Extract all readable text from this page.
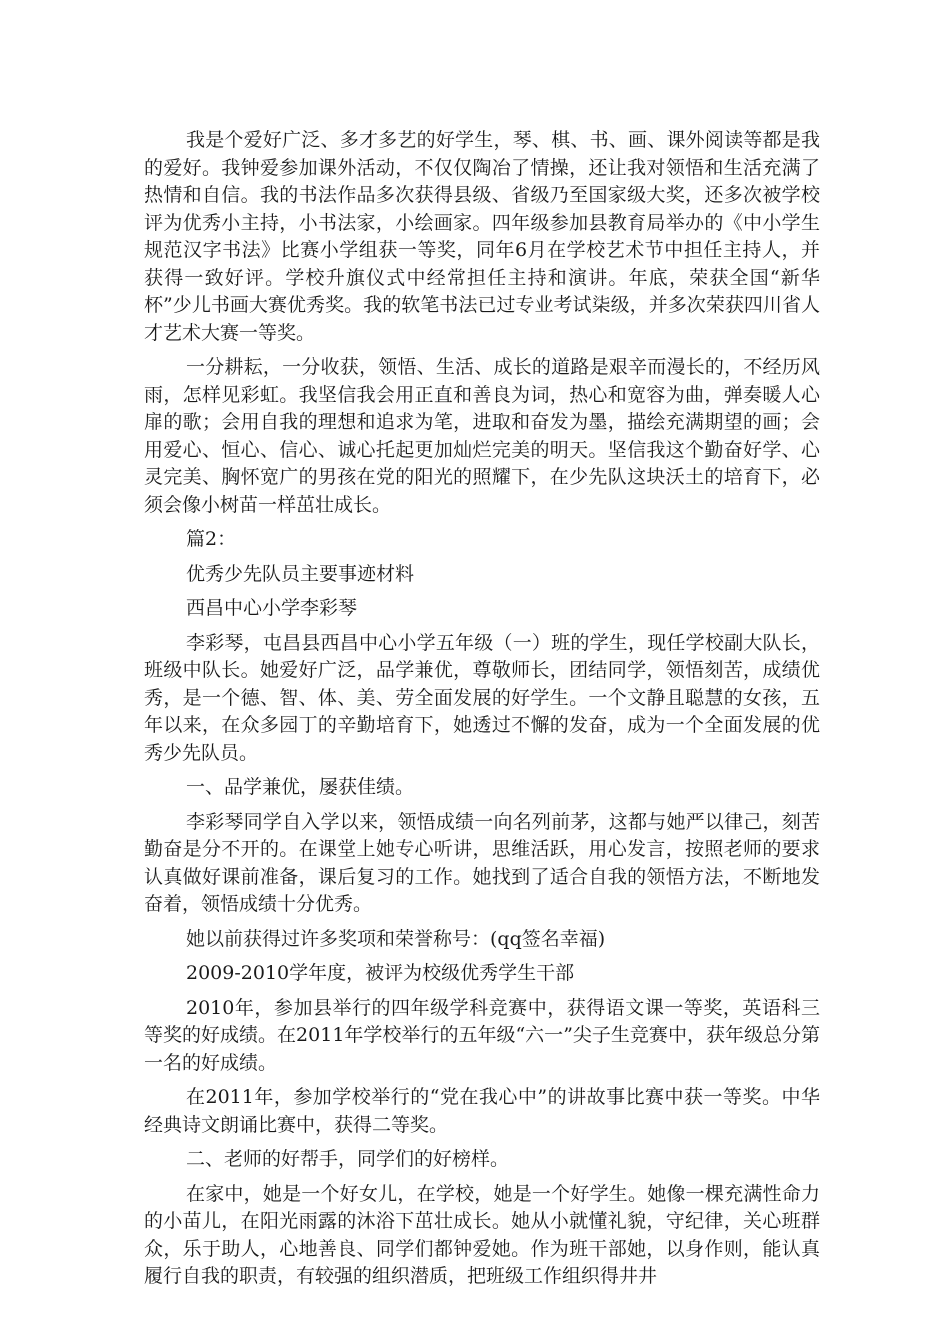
我是个爱好广泛、多才多艺的好学生，琴、棋、书、画、课外阅读等都是我的爱好。我钟爱参加课外活动，不仅仅陶冶了情操，还让我对领悟和生活充满了热情和自信。我的书法作品多次获得县级、省级乃至国家级大奖，还多次被学校评为优秀小主持，小书法家，小绘画家。四年级参加县教育局举办的《中小学生规范汉字书法》比赛小学组获一等奖，同年6月在学校艺术节中担任主持人，并获得一致好评。学校升旗仪式中经常担任主持和演讲。年底，荣获全国“新华杯”少儿书画大赛优秀奖。我的软笔书法已过专业考试柒级，并多次荣获四川省人才艺术大赛一等奖。

一分耕耘，一分收获，领悟、生活、成长的道路是艰辛而漫长的，不经历风雨，怎样见彩虹。我坚信我会用正直和善良为词，热心和宽容为曲，弹奏暖人心扉的歌；会用自我的理想和追求为笔，进取和奋发为墨，描绘充满期望的画；会用爱心、恒心、信心、诚心托起更加灿烂完美的明天。坚信我这个勤奋好学、心灵完美、胸怀宽广的男孩在党的阳光的照耀下，在少先队这块沃土的培育下，必须会像小树苗一样茁壮成长。

篇2：

优秀少先队员主要事迹材料

西昌中心小学李彩琴

李彩琴，屯昌县西昌中心小学五年级（一）班的学生，现任学校副大队长，班级中队长。她爱好广泛，品学兼优，尊敬师长，团结同学，领悟刻苦，成绩优秀，是一个德、智、体、美、劳全面发展的好学生。一个文静且聪慧的女孩，五年以来，在众多园丁的辛勤培育下，她透过不懈的发奋，成为一个全面发展的优秀少先队员。

一、品学兼优，屡获佳绩。

李彩琴同学自入学以来，领悟成绩一向名列前茅，这都与她严以律己，刻苦勤奋是分不开的。在课堂上她专心听讲，思维活跃，用心发言，按照老师的要求认真做好课前准备，课后复习的工作。她找到了适合自我的领悟方法，不断地发奋着，领悟成绩十分优秀。

她以前获得过许多奖项和荣誉称号：(qq签名幸福)

2009-2010学年度，被评为校级优秀学生干部

2010年，参加县举行的四年级学科竞赛中，获得语文课一等奖，英语科三等奖的好成绩。在2011年学校举行的五年级“六一”尖子生竞赛中，获年级总分第一名的好成绩。

在2011年，参加学校举行的“党在我心中”的讲故事比赛中获一等奖。中华经典诗文朗诵比赛中，获得二等奖。

二、老师的好帮手，同学们的好榜样。

在家中，她是一个好女儿，在学校，她是一个好学生。她像一棵充满性命力的小苗儿，在阳光雨露的沐浴下茁壮成长。她从小就懂礼貌，守纪律，关心班群众，乐于助人，心地善良、同学们都钟爱她。作为班干部她，以身作则，能认真履行自我的职责，有较强的组织潜质，把班级工作组织得井井
